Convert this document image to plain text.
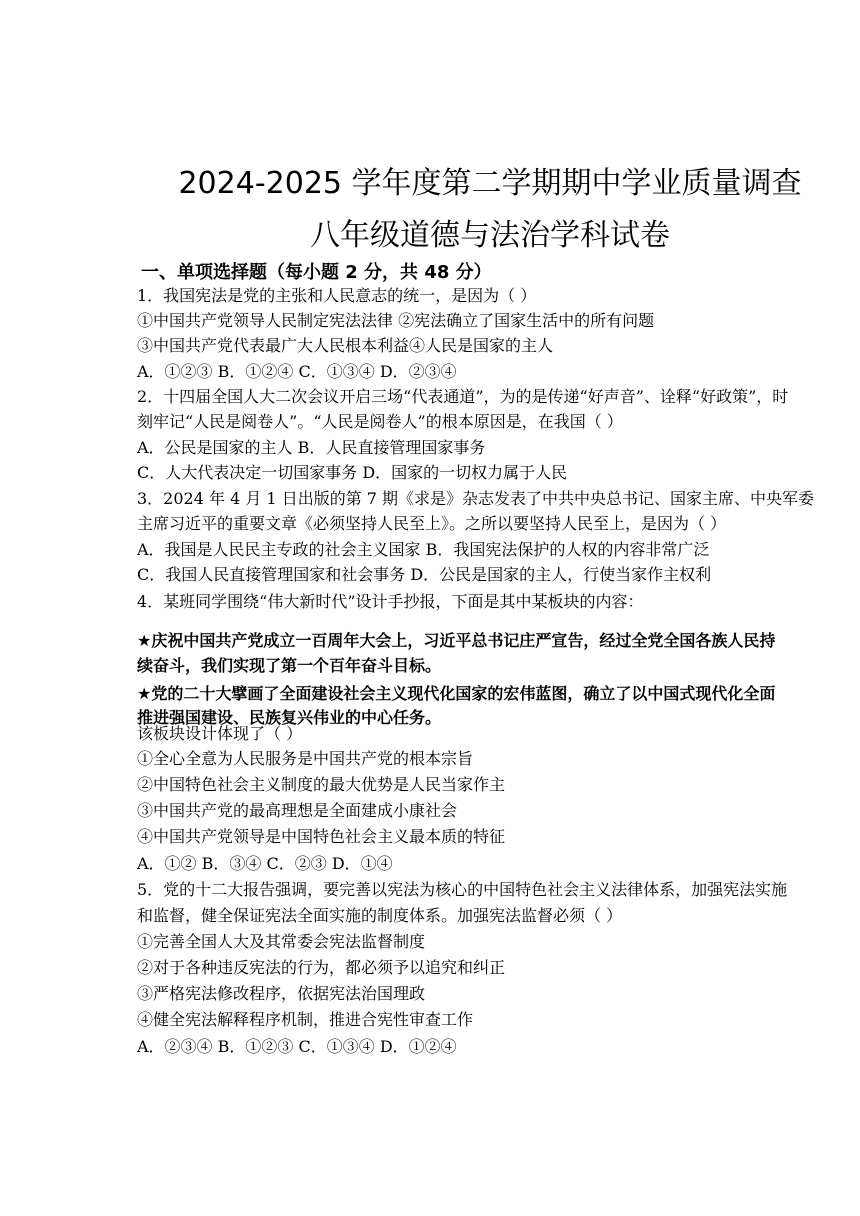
2024-2025 学年度第二学期期中学业质量调查
八年级道德与法治学科试卷
一、单项选择题（每小题 2 分，共 48 分）
1．我国宪法是党的主张和人民意志的统一，是因为（ ）
①中国共产党领导人民制定宪法法律 ②宪法确立了国家生活中的所有问题
③中国共产党代表最广大人民根本利益④人民是国家的主人
A．①②③ B．①②④ C．①③④ D．②③④
2．十四届全国人大二次会议开启三场“代表通道”，为的是传递“好声音”、诠释“好政策”，时
刻牢记“人民是阅卷人”。“人民是阅卷人”的根本原因是，在我国（ ）
A．公民是国家的主人 B．人民直接管理国家事务
C．人大代表决定一切国家事务 D．国家的一切权力属于人民
3．2024 年 4 月 1 日出版的第 7 期《求是》杂志发表了中共中央总书记、国家主席、中央军委
主席习近平的重要文章《必须坚持人民至上》。之所以要坚持人民至上，是因为（ ）
A．我国是人民民主专政的社会主义国家 B．我国宪法保护的人权的内容非常广泛
C．我国人民直接管理国家和社会事务 D．公民是国家的主人，行使当家作主权利
4．某班同学围绕“伟大新时代”设计手抄报，下面是其中某板块的内容：
★庆祝中国共产党成立一百周年大会上，习近平总书记庄严宣告，经过全党全国各族人民持
续奋斗，我们实现了第一个百年奋斗目标。
★党的二十大擘画了全面建设社会主义现代化国家的宏伟蓝图，确立了以中国式现代化全面
推进强国建设、民族复兴伟业的中心任务。
该板块设计体现了（ ）
①全心全意为人民服务是中国共产党的根本宗旨
②中国特色社会主义制度的最大优势是人民当家作主
③中国共产党的最高理想是全面建成小康社会
④中国共产党领导是中国特色社会主义最本质的特征
A．①② B．③④ C．②③ D．①④
5．党的十二大报告强调，要完善以宪法为核心的中国特色社会主义法律体系，加强宪法实施
和监督，健全保证宪法全面实施的制度体系。加强宪法监督必须（ ）
①完善全国人大及其常委会宪法监督制度
②对于各种违反宪法的行为，都必须予以追究和纠正
③严格宪法修改程序，依据宪法治国理政
④健全宪法解释程序机制，推进合宪性审查工作
A．②③④ B．①②③ C．①③④ D．①②④
